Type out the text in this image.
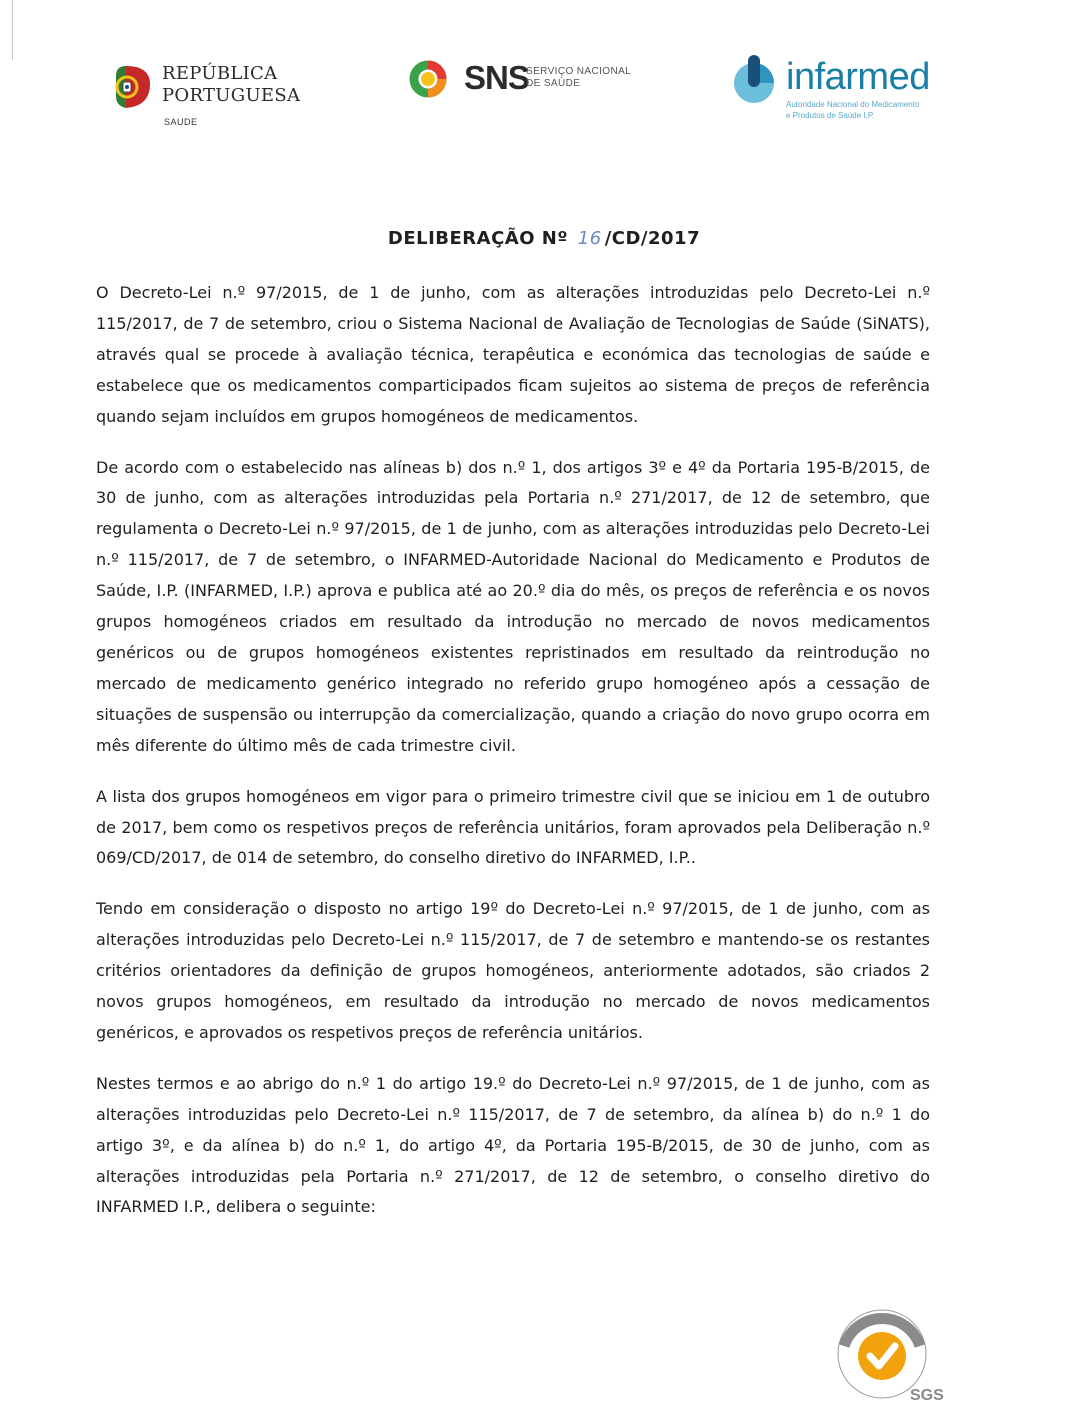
REPÚBLICA
PORTUGUESA
SAUDE
SNS
SERVIÇO NACIONAL
DE SAÚDE	infarmed
Autoridade Nacional do Medicamento
e Produtos de Saúde I.P.
DELIBERAÇÃO Nº 16 /CD/2017

O Decreto-Lei n.º 97/2015, de 1 de junho, com as alterações introduzidas pelo Decreto-Lei n.º 115/2017, de 7 de setembro, criou o Sistema Nacional de Avaliação de Tecnologias de Saúde (SiNATS), através qual se procede à avaliação técnica, terapêutica e económica das tecnologias de saúde e estabelece que os medicamentos comparticipados ficam sujeitos ao sistema de preços de referência quando sejam incluídos em grupos homogéneos de medicamentos.

De acordo com o estabelecido nas alíneas b) dos n.º 1, dos artigos 3º e 4º da Portaria 195-B/2015, de 30 de junho, com as alterações introduzidas pela Portaria n.º 271/2017, de 12 de setembro, que regulamenta o Decreto-Lei n.º 97/2015, de 1 de junho, com as alterações introduzidas pelo Decreto-Lei n.º 115/2017, de 7 de setembro, o INFARMED-Autoridade Nacional do Medicamento e Produtos de Saúde, I.P. (INFARMED, I.P.) aprova e publica até ao 20.º dia do mês, os preços de referência e os novos grupos homogéneos criados em resultado da introdução no mercado de novos medicamentos genéricos ou de grupos homogéneos existentes repristinados em resultado da reintrodução no mercado de medicamento genérico integrado no referido grupo homogéneo após a cessação de situações de suspensão ou interrupção da comercialização, quando a criação do novo grupo ocorra em mês diferente do último mês de cada trimestre civil.

A lista dos grupos homogéneos em vigor para o primeiro trimestre civil que se iniciou em 1 de outubro de 2017, bem como os respetivos preços de referência unitários, foram aprovados pela Deliberação n.º 069/CD/2017, de 014 de setembro, do conselho diretivo do INFARMED, I.P..

Tendo em consideração o disposto no artigo 19º do Decreto-Lei n.º 97/2015, de 1 de junho, com as alterações introduzidas pelo Decreto-Lei n.º 115/2017, de 7 de setembro e mantendo-se os restantes critérios orientadores da definição de grupos homogéneos, anteriormente adotados, são criados 2 novos grupos homogéneos, em resultado da introdução no mercado de novos medicamentos genéricos, e aprovados os respetivos preços de referência unitários.

Nestes termos e ao abrigo do n.º 1 do artigo 19.º do Decreto-Lei n.º 97/2015, de 1 de junho, com as alterações introduzidas pelo Decreto-Lei n.º 115/2017, de 7 de setembro, da alínea b) do n.º 1 do artigo 3º, e da alínea b) do n.º 1, do artigo 4º, da Portaria 195-B/2015, de 30 de junho, com as alterações introduzidas pela Portaria n.º 271/2017, de 12 de setembro, o conselho diretivo do INFARMED I.P., delibera o seguinte:

SGS
